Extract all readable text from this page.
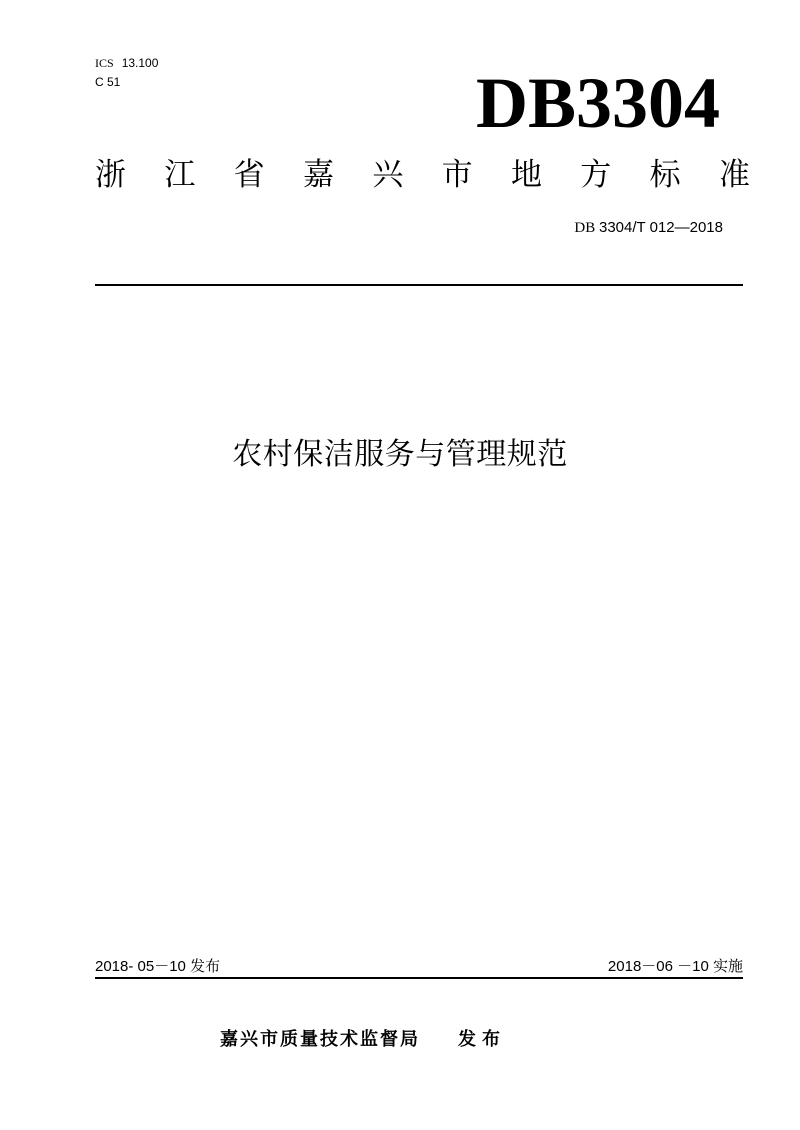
ICS 13.100
C 51	DB3304
浙 江 省 嘉 兴 市 地 方 标 准
DB 3304/T 012—2018
农村保洁服务与管理规范
2018- 05－10 发布	2018－06 －10 实施
嘉兴市质量技术监督局 发布
